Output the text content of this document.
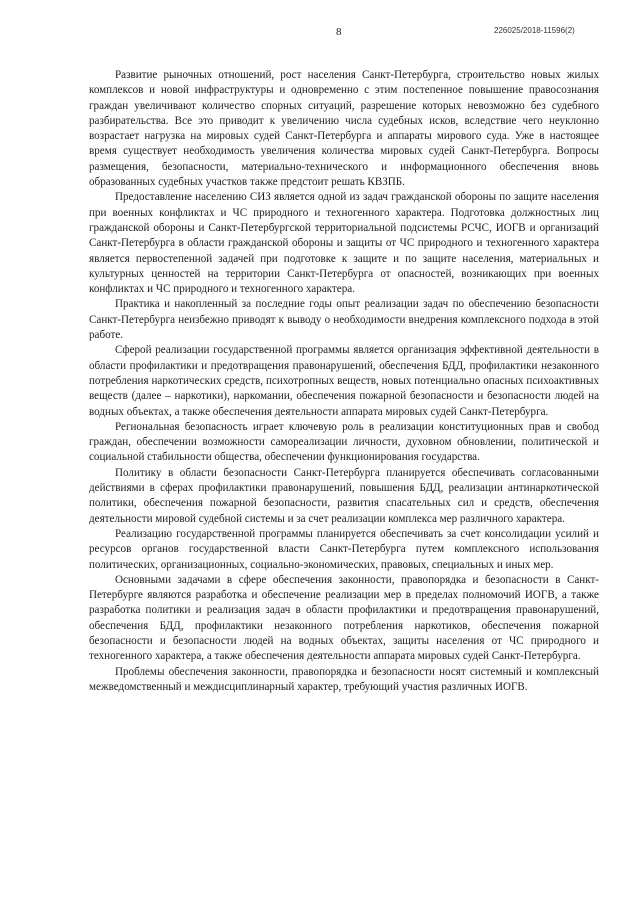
8	226025/2018-11596(2)

Развитие рыночных отношений, рост населения Санкт-Петербурга, строительство новых жилых комплексов и новой инфраструктуры и одновременно с этим постепенное повышение правосознания граждан увеличивают количество спорных ситуаций, разрешение которых невозможно без судебного разбирательства. Все это приводит к увеличению числа судебных исков, вследствие чего неуклонно возрастает нагрузка на мировых судей Санкт-Петербурга и аппараты мирового суда. Уже в настоящее время существует необходимость увеличения количества мировых судей Санкт-Петербурга. Вопросы размещения, безопасности, материально-технического и информационного обеспечения вновь образованных судебных участков также предстоит решать КВЗПБ.

Предоставление населению СИЗ является одной из задач гражданской обороны по защите населения при военных конфликтах и ЧС природного и техногенного характера. Подготовка должностных лиц гражданской обороны и Санкт-Петербургской территориальной подсистемы РСЧС, ИОГВ и организаций Санкт-Петербурга в области гражданской обороны и защиты от ЧС природного и техногенного характера является первостепенной задачей при подготовке к защите и по защите населения, материальных и культурных ценностей на территории Санкт-Петербурга от опасностей, возникающих при военных конфликтах и ЧС природного и техногенного характера.

Практика и накопленный за последние годы опыт реализации задач по обеспечению безопасности Санкт-Петербурга неизбежно приводят к выводу о необходимости внедрения комплексного подхода в этой работе.

Сферой реализации государственной программы является организация эффективной деятельности в области профилактики и предотвращения правонарушений, обеспечения БДД, профилактики незаконного потребления наркотических средств, психотропных веществ, новых потенциально опасных психоактивных веществ (далее – наркотики), наркомании, обеспечения пожарной безопасности и безопасности людей на водных объектах, а также обеспечения деятельности аппарата мировых судей Санкт-Петербурга.

Региональная безопасность играет ключевую роль в реализации конституционных прав и свобод граждан, обеспечении возможности самореализации личности, духовном обновлении, политической и социальной стабильности общества, обеспечении функционирования государства.

Политику в области безопасности Санкт-Петербурга планируется обеспечивать согласованными действиями в сферах профилактики правонарушений, повышения БДД, реализации антинаркотической политики, обеспечения пожарной безопасности, развития спасательных сил и средств, обеспечения деятельности мировой судебной системы и за счет реализации комплекса мер различного характера.

Реализацию государственной программы планируется обеспечивать за счет консолидации усилий и ресурсов органов государственной власти Санкт-Петербурга путем комплексного использования политических, организационных, социально-экономических, правовых, специальных и иных мер.

Основными задачами в сфере обеспечения законности, правопорядка и безопасности в Санкт-Петербурге являются разработка и обеспечение реализации мер в пределах полномочий ИОГВ, а также разработка политики и реализация задач в области профилактики и предотвращения правонарушений, обеспечения БДД, профилактики незаконного потребления наркотиков, обеспечения пожарной безопасности и безопасности людей на водных объектах, защиты населения от ЧС природного и техногенного характера, а также обеспечения деятельности аппарата мировых судей Санкт-Петербурга.

Проблемы обеспечения законности, правопорядка и безопасности носят системный и комплексный межведомственный и междисциплинарный характер, требующий участия различных ИОГВ.
